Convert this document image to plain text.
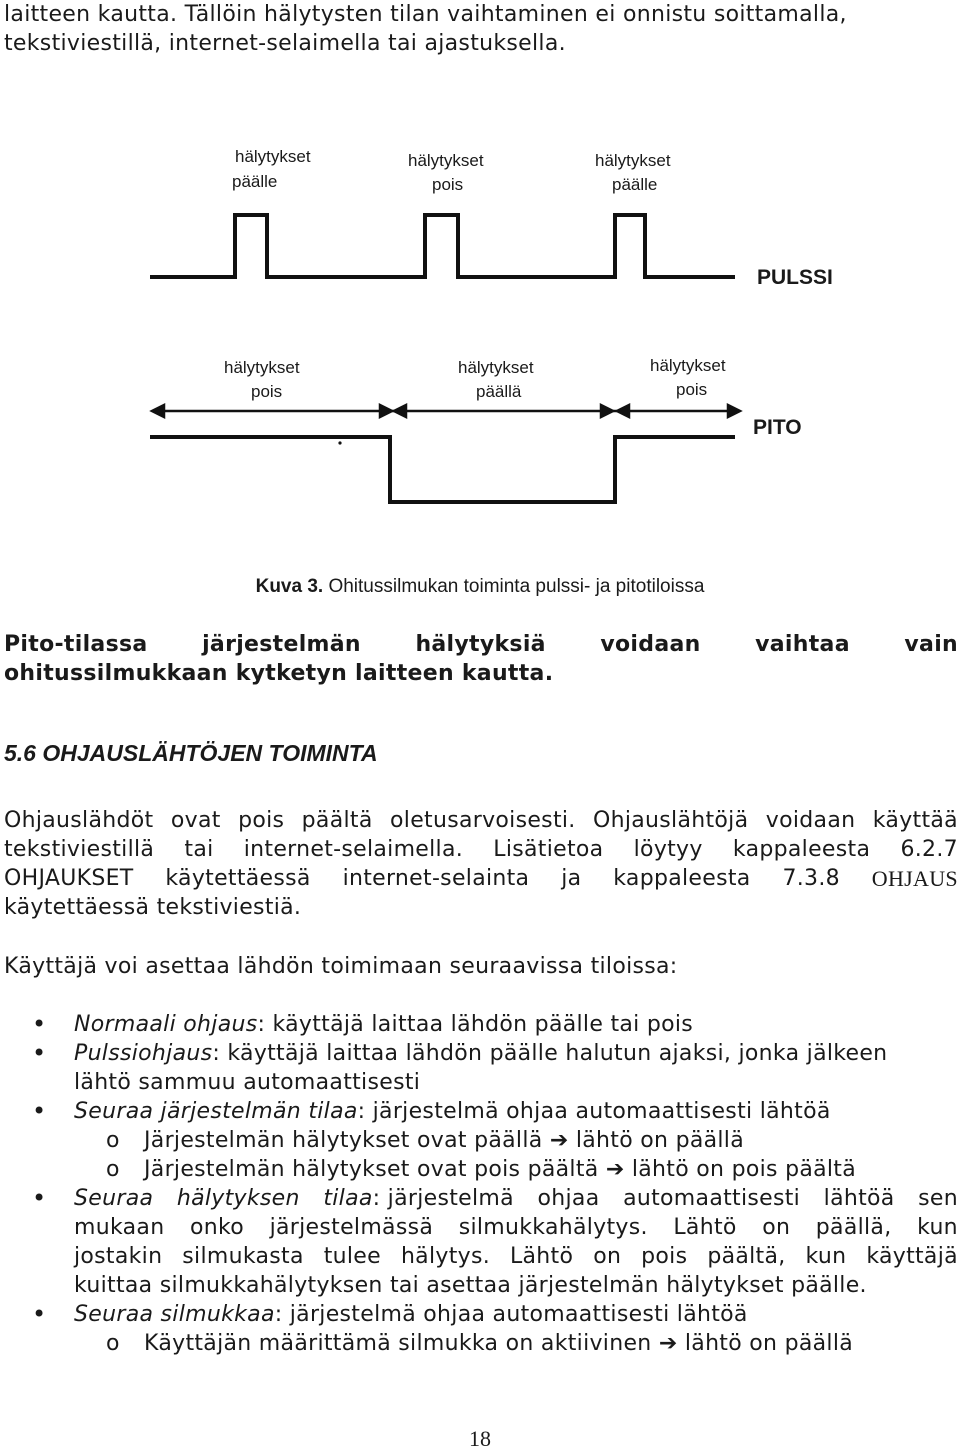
laitteen kautta. Tällöin hälytysten tilan vaihtaminen ei onnistu soittamalla,
tekstiviestillä, internet-selaimella tai ajastuksella.
hälytykset
päälle
hälytykset
pois
hälytykset
päälle
PULSSI
hälytykset
pois
hälytykset
päällä
hälytykset
pois
PITO
Kuva 3. Ohitussilmukan toiminta pulssi- ja pitotiloissa
Pito-tilassa järjestelmän hälytyksiä voidaan vaihtaa vain
ohitussilmukkaan kytketyn laitteen kautta.
5.6 OHJAUSLÄHTÖJEN TOIMINTA
Ohjauslähdöt ovat pois päältä oletusarvoisesti. Ohjauslähtöjä voidaan käyttää
tekstiviestillä tai internet-selaimella. Lisätietoa löytyy kappaleesta 6.2.7
OHJAUKSET käytettäessä internet-selainta ja kappaleesta 7.3.8 OHJAUS
käytettäessä tekstiviestiä.
Käyttäjä voi asettaa lähdön toimimaan seuraavissa tiloissa:
• Normaali ohjaus: käyttäjä laittaa lähdön päälle tai pois
• Pulssiohjaus: käyttäjä laittaa lähdön päälle halutun ajaksi, jonka jälkeen
lähtö sammuu automaattisesti
• Seuraa järjestelmän tilaa: järjestelmä ohjaa automaattisesti lähtöä
o Järjestelmän hälytykset ovat päällä ➔ lähtö on päällä
o Järjestelmän hälytykset ovat pois päältä ➔ lähtö on pois päältä
• Seuraa hälytyksen tilaa: järjestelmä ohjaa automaattisesti lähtöä sen
mukaan onko järjestelmässä silmukkahälytys. Lähtö on päällä, kun
jostakin silmukasta tulee hälytys. Lähtö on pois päältä, kun käyttäjä
kuittaa silmukkahälytyksen tai asettaa järjestelmän hälytykset päälle.
• Seuraa silmukkaa: järjestelmä ohjaa automaattisesti lähtöä
o Käyttäjän määrittämä silmukka on aktiivinen ➔ lähtö on päällä
18
